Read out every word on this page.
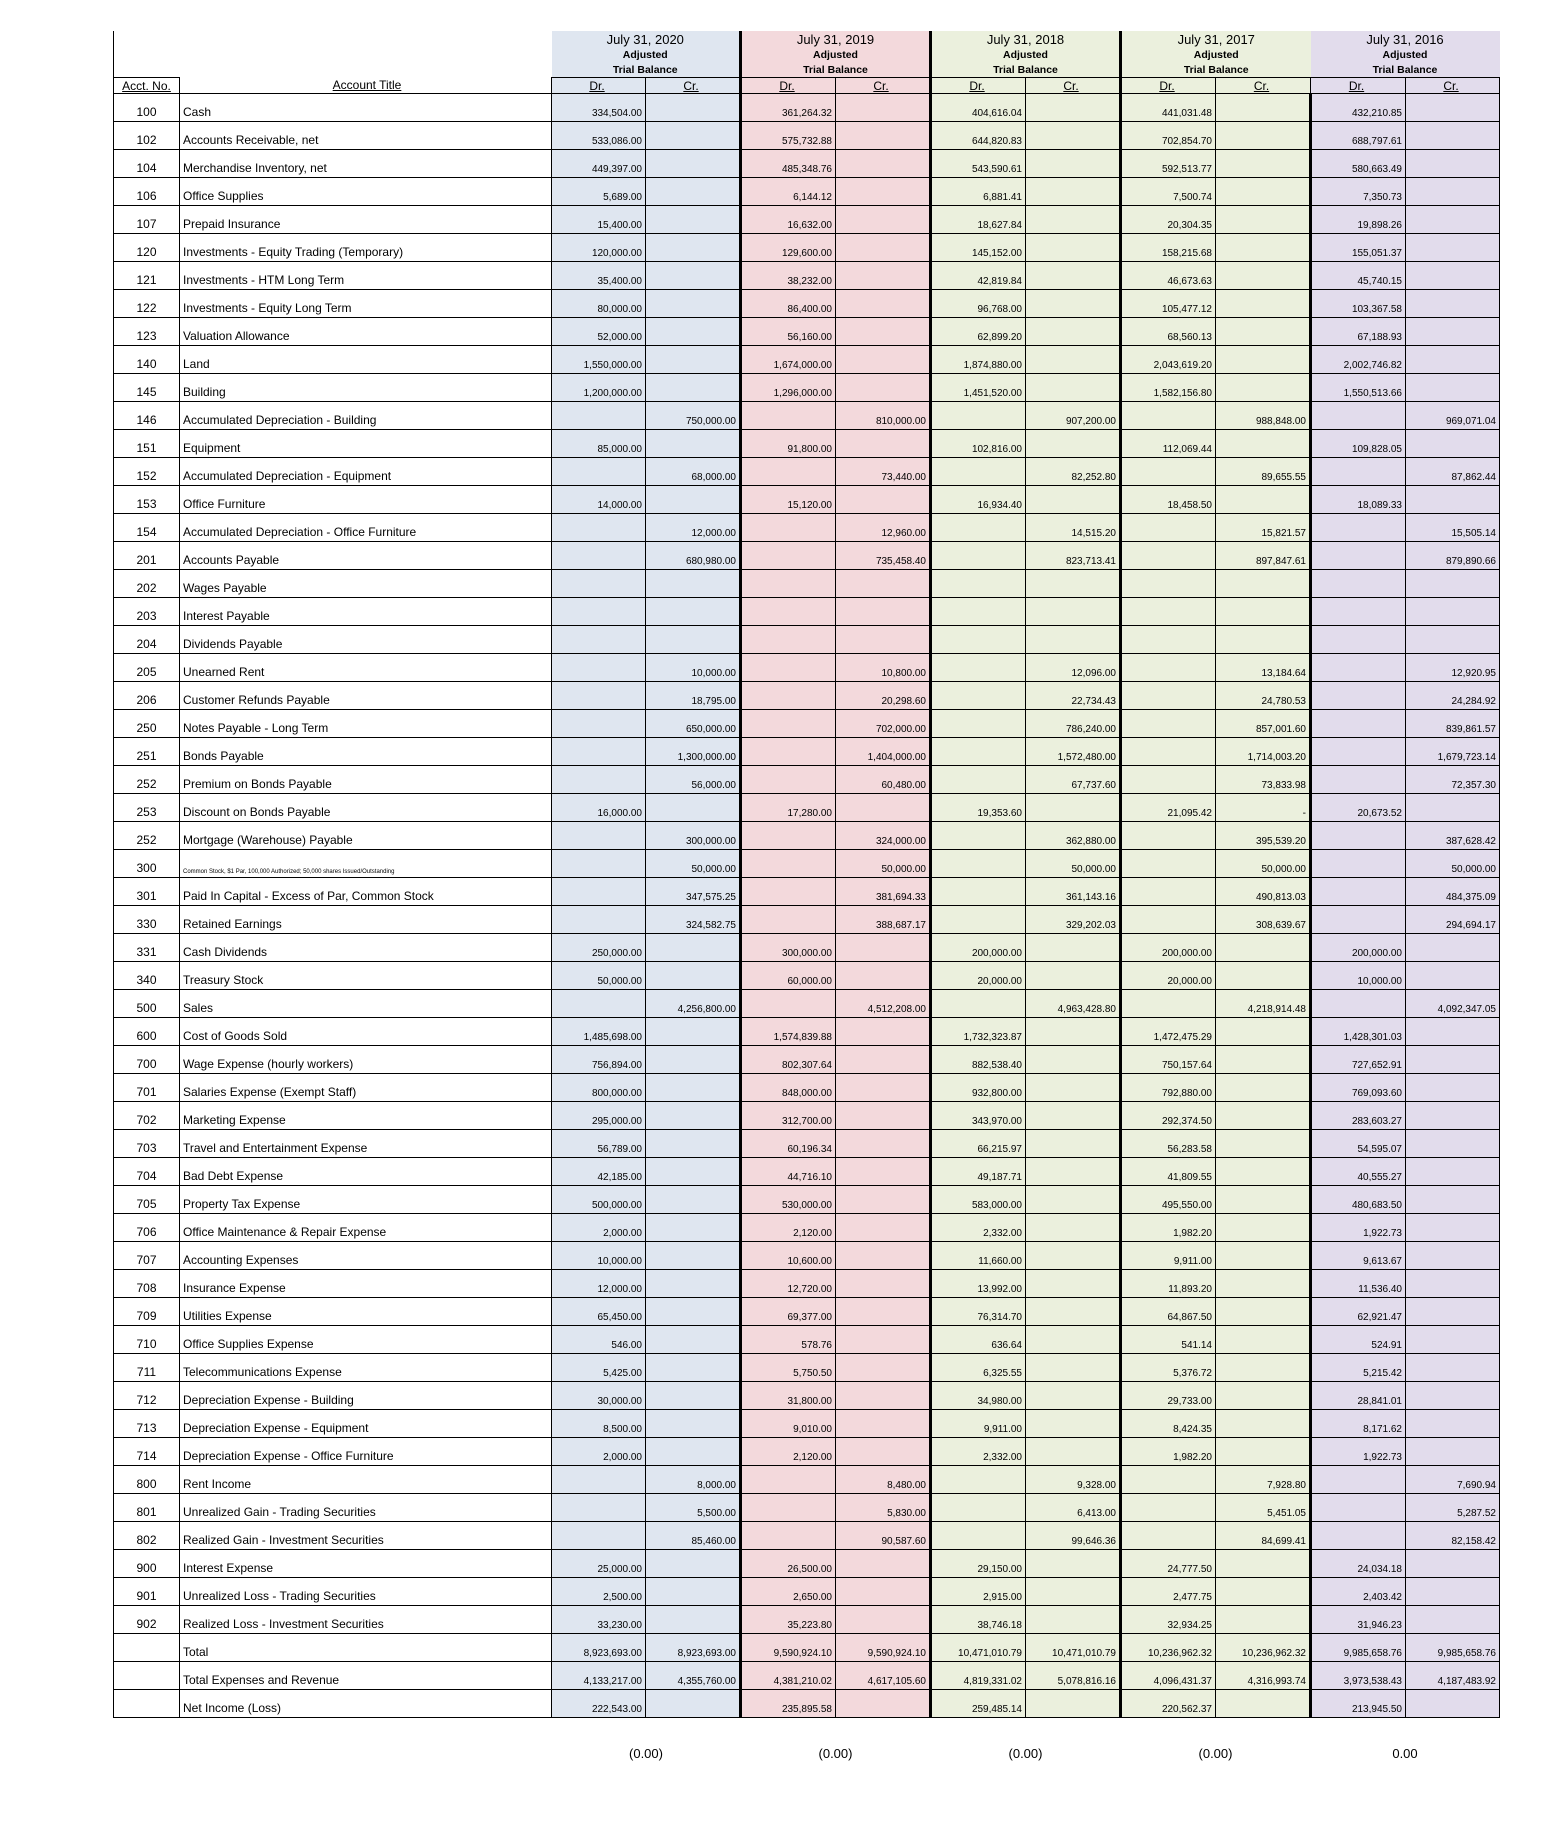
		July 31, 2020		July 31, 2019		July 31, 2018		July 31, 2017		July 31, 2016	
		Adjusted		Adjusted		Adjusted		Adjusted		Adjusted	
		Trial Balance		Trial Balance		Trial Balance		Trial Balance		Trial Balance	
Acct. No.	Account Title	Dr.	Cr.	Dr.	Cr.	Dr.	Cr.	Dr.	Cr.	Dr.	Cr.
100	Cash	334,504.00		361,264.32		404,616.04		441,031.48		432,210.85	
102	Accounts Receivable, net	533,086.00		575,732.88		644,820.83		702,854.70		688,797.61	
104	Merchandise Inventory, net	449,397.00		485,348.76		543,590.61		592,513.77		580,663.49	
106	Office Supplies	5,689.00		6,144.12		6,881.41		7,500.74		7,350.73	
107	Prepaid Insurance	15,400.00		16,632.00		18,627.84		20,304.35		19,898.26	
120	Investments - Equity Trading (Temporary)	120,000.00		129,600.00		145,152.00		158,215.68		155,051.37	
121	Investments - HTM Long Term	35,400.00		38,232.00		42,819.84		46,673.63		45,740.15	
122	Investments - Equity Long Term	80,000.00		86,400.00		96,768.00		105,477.12		103,367.58	
123	Valuation Allowance	52,000.00		56,160.00		62,899.20		68,560.13		67,188.93	
140	Land	1,550,000.00		1,674,000.00		1,874,880.00		2,043,619.20		2,002,746.82	
145	Building	1,200,000.00		1,296,000.00		1,451,520.00		1,582,156.80		1,550,513.66	
146	Accumulated Depreciation - Building		750,000.00		810,000.00		907,200.00		988,848.00		969,071.04
151	Equipment	85,000.00		91,800.00		102,816.00		112,069.44		109,828.05	
152	Accumulated Depreciation - Equipment		68,000.00		73,440.00		82,252.80		89,655.55		87,862.44
153	Office Furniture	14,000.00		15,120.00		16,934.40		18,458.50		18,089.33	
154	Accumulated Depreciation - Office Furniture		12,000.00		12,960.00		14,515.20		15,821.57		15,505.14
201	Accounts Payable		680,980.00		735,458.40		823,713.41		897,847.61		879,890.66
202	Wages Payable										
203	Interest Payable										
204	Dividends Payable										
205	Unearned Rent		10,000.00		10,800.00		12,096.00		13,184.64		12,920.95
206	Customer Refunds Payable		18,795.00		20,298.60		22,734.43		24,780.53		24,284.92
250	Notes Payable - Long Term		650,000.00		702,000.00		786,240.00		857,001.60		839,861.57
251	Bonds Payable		1,300,000.00		1,404,000.00		1,572,480.00		1,714,003.20		1,679,723.14
252	Premium on Bonds Payable		56,000.00		60,480.00		67,737.60		73,833.98		72,357.30
253	Discount on Bonds Payable	16,000.00		17,280.00		19,353.60		21,095.42	-	20,673.52	
252	Mortgage (Warehouse) Payable		300,000.00		324,000.00		362,880.00		395,539.20		387,628.42
300	Common Stock, $1 Par, 100,000 Authorized; 50,000 shares Issued/Outstanding		50,000.00		50,000.00		50,000.00		50,000.00		50,000.00
301	Paid In Capital - Excess of Par, Common Stock		347,575.25		381,694.33		361,143.16		490,813.03		484,375.09
330	Retained Earnings		324,582.75		388,687.17		329,202.03		308,639.67		294,694.17
331	Cash Dividends	250,000.00		300,000.00		200,000.00		200,000.00		200,000.00	
340	Treasury Stock	50,000.00		60,000.00		20,000.00		20,000.00		10,000.00	
500	Sales		4,256,800.00		4,512,208.00		4,963,428.80		4,218,914.48		4,092,347.05
600	Cost of Goods Sold	1,485,698.00		1,574,839.88		1,732,323.87		1,472,475.29		1,428,301.03	
700	Wage Expense (hourly workers)	756,894.00		802,307.64		882,538.40		750,157.64		727,652.91	
701	Salaries Expense (Exempt Staff)	800,000.00		848,000.00		932,800.00		792,880.00		769,093.60	
702	Marketing Expense	295,000.00		312,700.00		343,970.00		292,374.50		283,603.27	
703	Travel and Entertainment Expense	56,789.00		60,196.34		66,215.97		56,283.58		54,595.07	
704	Bad Debt Expense	42,185.00		44,716.10		49,187.71		41,809.55		40,555.27	
705	Property Tax Expense	500,000.00		530,000.00		583,000.00		495,550.00		480,683.50	
706	Office Maintenance & Repair Expense	2,000.00		2,120.00		2,332.00		1,982.20		1,922.73	
707	Accounting Expenses	10,000.00		10,600.00		11,660.00		9,911.00		9,613.67	
708	Insurance Expense	12,000.00		12,720.00		13,992.00		11,893.20		11,536.40	
709	Utilities Expense	65,450.00		69,377.00		76,314.70		64,867.50		62,921.47	
710	Office Supplies Expense	546.00		578.76		636.64		541.14		524.91	
711	Telecommunications Expense	5,425.00		5,750.50		6,325.55		5,376.72		5,215.42	
712	Depreciation Expense - Building	30,000.00		31,800.00		34,980.00		29,733.00		28,841.01	
713	Depreciation Expense - Equipment	8,500.00		9,010.00		9,911.00		8,424.35		8,171.62	
714	Depreciation Expense - Office Furniture	2,000.00		2,120.00		2,332.00		1,982.20		1,922.73	
800	Rent Income		8,000.00		8,480.00		9,328.00		7,928.80		7,690.94
801	Unrealized Gain - Trading Securities		5,500.00		5,830.00		6,413.00		5,451.05		5,287.52
802	Realized Gain - Investment Securities		85,460.00		90,587.60		99,646.36		84,699.41		82,158.42
900	Interest Expense	25,000.00		26,500.00		29,150.00		24,777.50		24,034.18	
901	Unrealized Loss - Trading Securities	2,500.00		2,650.00		2,915.00		2,477.75		2,403.42	
902	Realized Loss - Investment Securities	33,230.00		35,223.80		38,746.18		32,934.25		31,946.23	
	Total	8,923,693.00	8,923,693.00	9,590,924.10	9,590,924.10	10,471,010.79	10,471,010.79	10,236,962.32	10,236,962.32	9,985,658.76	9,985,658.76
	Total Expenses and Revenue	4,133,217.00	4,355,760.00	4,381,210.02	4,617,105.60	4,819,331.02	5,078,816.16	4,096,431.37	4,316,993.74	3,973,538.43	4,187,483.92
	Net Income (Loss)	222,543.00		235,895.58		259,485.14		220,562.37		213,945.50	

		(0.00)		(0.00)		(0.00)		(0.00)		0.00	
